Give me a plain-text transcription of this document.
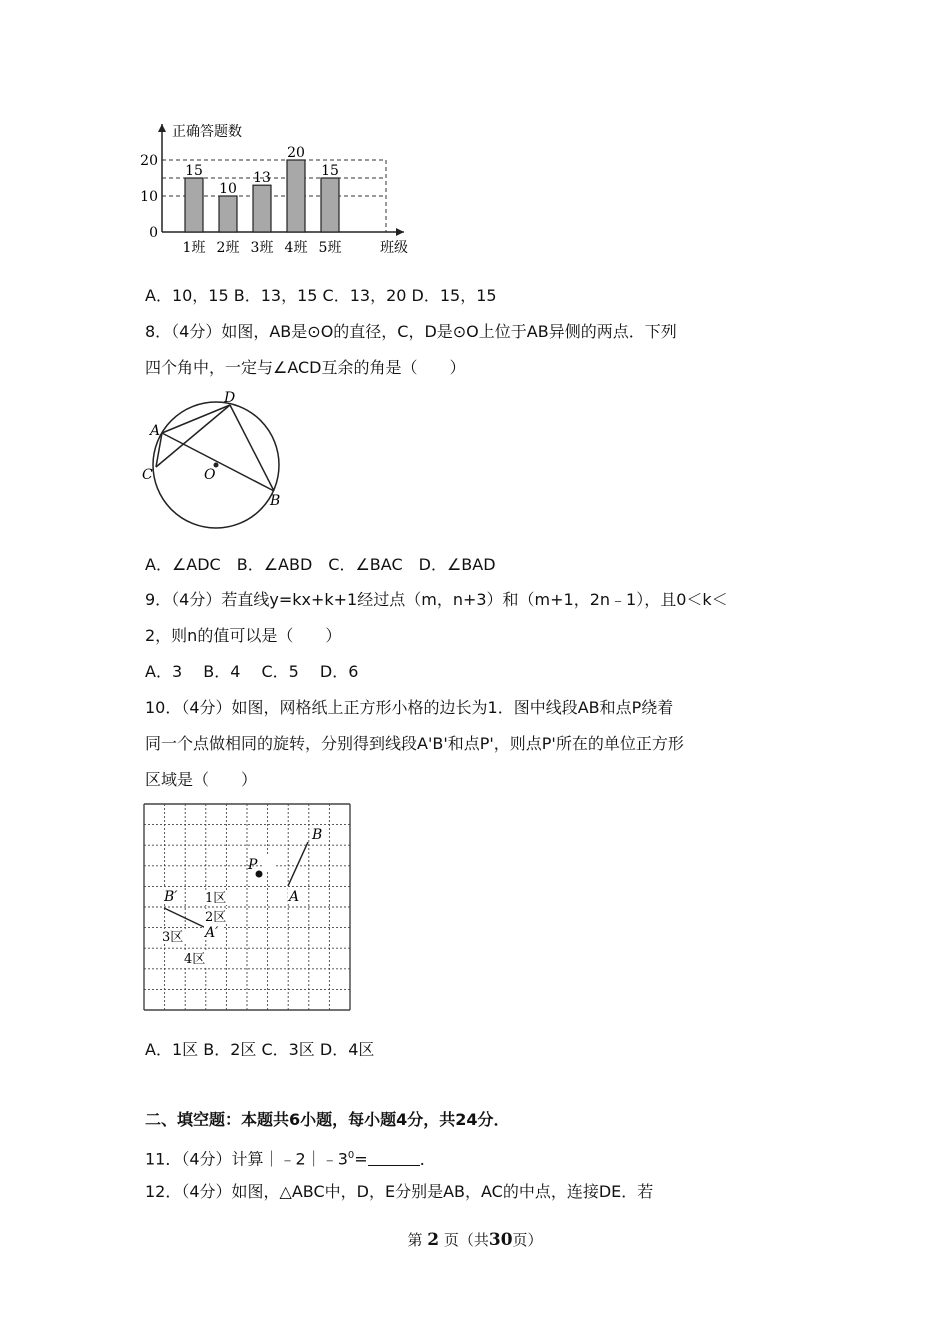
正确答题数
班级
0
10
20
15
1班
10
2班
13
3班
20
4班
15
5班
A．10，15 B．13，15 C．13，20 D．15，15
8．（4分）如图，AB是⊙O的直径，C，D是⊙O上位于AB异侧的两点．下列
四个角中，一定与∠ACD互余的角是（　　）
A
D
C	O
B
A．∠ADC　B．∠ABD　C．∠BAC　D．∠BAD
9．（4分）若直线y=kx+k+1经过点（m，n+3）和（m+1，2n﹣1），且0＜k＜
2，则n的值可以是（　　）
A．3　 B．4　 C．5　 D．6
10．（4分）如图，网格纸上正方形小格的边长为1．图中线段AB和点P绕着
同一个点做相同的旋转，分别得到线段A'B'和点P'，则点P'所在的单位正方形
区域是（　　）
P
B
A
B′
A′
1区
2区
3区
4区
A．1区 B．2区 C．3区 D．4区
二、填空题：本题共6小题，每小题4分，共24分．
11．（4分）计算$|﹣2|﹣3^0=$	．
12．（4分）如图，△ABC中，D，E分别是AB，AC的中点，连接DE．若
第 2 页（共30页）
